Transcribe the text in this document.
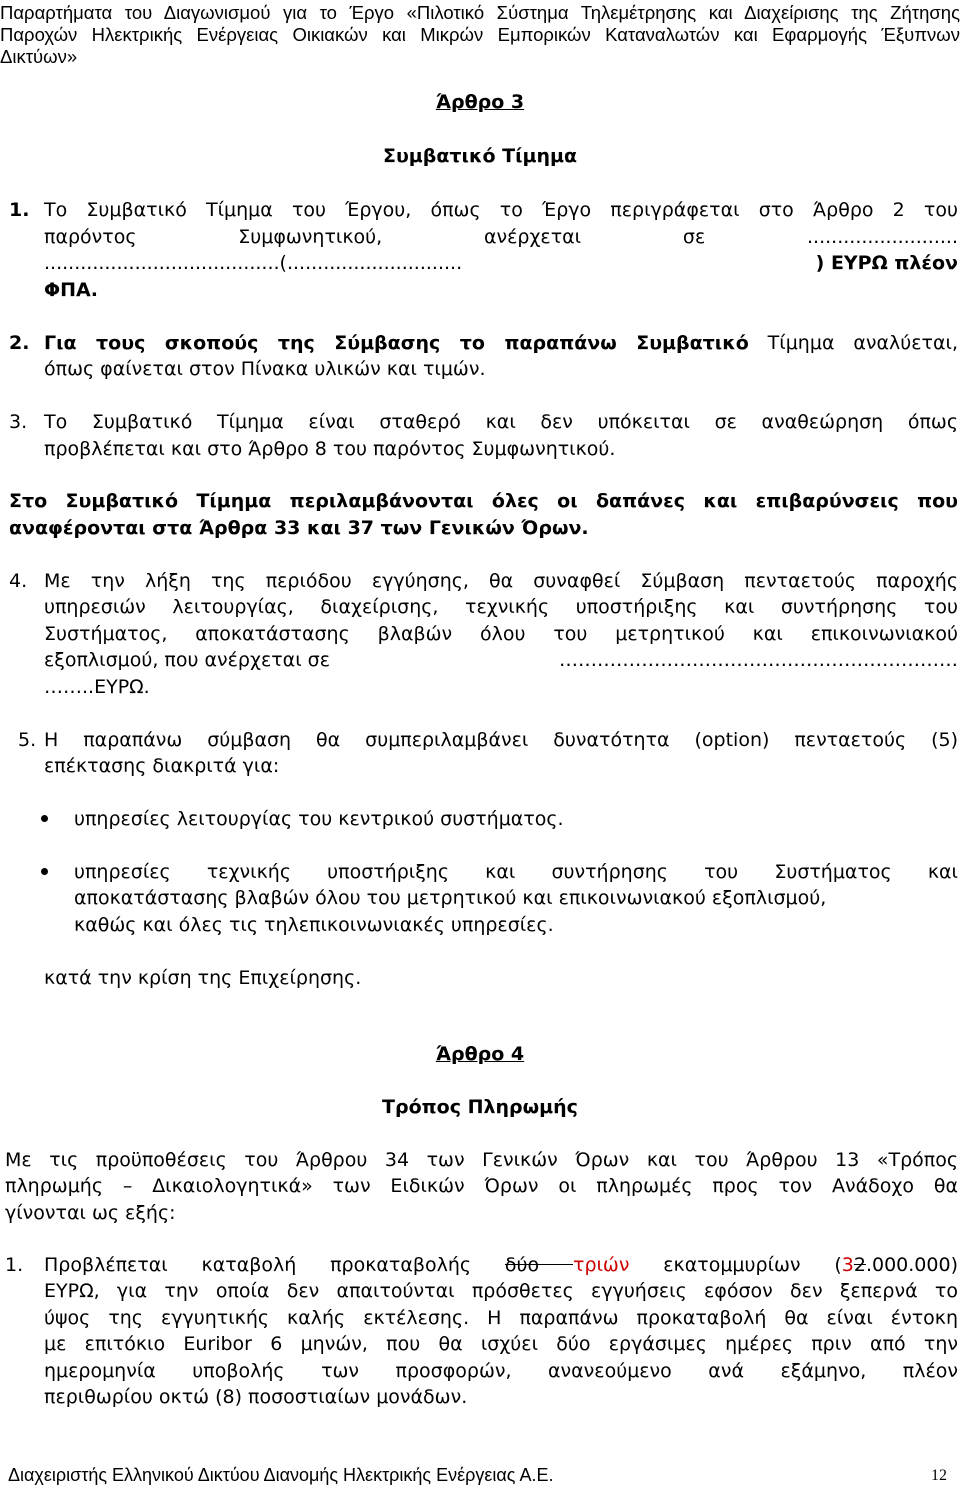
Παραρτήματα του Διαγωνισμού για το Έργο «Πιλοτικό Σύστημα Τηλεμέτρησης και Διαχείρισης της Ζήτησης
Παροχών Ηλεκτρικής Ενέργειας Οικιακών και Μικρών Εμπορικών Καταναλωτών και Εφαρμογής Έξυπνων
Δικτύων»
Άρθρο 3
Συμβατικό Τίμημα
1. Το Συμβατικό Τίμημα του Έργου, όπως το Έργο περιγράφεται στο Άρθρο 2 του
παρόντος Συμφωνητικού, ανέρχεται σε .........................
.......................................(.............................	) ΕΥΡΩ πλέον
ΦΠΑ.
2. Για τους σκοπούς της Σύμβασης το παραπάνω Συμβατικό Τίμημα αναλύεται,
όπως φαίνεται στον Πίνακα υλικών και τιμών.
3. Το Συμβατικό Τίμημα είναι σταθερό και δεν υπόκειται σε αναθεώρηση όπως
προβλέπεται και στο Άρθρο 8 του παρόντος Συμφωνητικού.
Στο Συμβατικό Τίμημα περιλαμβάνονται όλες οι δαπάνες και επιβαρύνσεις που
αναφέρονται στα Άρθρα 33 και 37 των Γενικών Όρων.
4. Με την λήξη της περιόδου εγγύησης, θα συναφθεί Σύμβαση πενταετούς παροχής
υπηρεσιών λειτουργίας, διαχείρισης, τεχνικής υποστήριξης και συντήρησης του
Συστήματος, αποκατάστασης βλαβών όλου του μετρητικού και επικοινωνιακού
εξοπλισμού, που ανέρχεται σε	………………………………………………………
……..ΕΥΡΩ.
5. Η παραπάνω σύμβαση θα συμπεριλαμβάνει δυνατότητα (option) πενταετούς (5)
επέκτασης διακριτά για:
υπηρεσίες λειτουργίας του κεντρικού συστήματος.
υπηρεσίες τεχνικής υποστήριξης και συντήρησης του Συστήματος και
αποκατάστασης βλαβών όλου του μετρητικού και επικοινωνιακού εξοπλισμού,
καθώς και όλες τις τηλεπικοινωνιακές υπηρεσίες.
κατά την κρίση της Επιχείρησης.
Άρθρο 4
Τρόπος Πληρωμής
Με τις προϋποθέσεις του Άρθρου 34 των Γενικών Όρων και του Άρθρου 13 «Τρόπος
πληρωμής – Δικαιολογητικά» των Ειδικών Όρων οι πληρωμές προς τον Ανάδοχο θα
γίνονται ως εξής:
1. Προβλέπεται καταβολή προκαταβολής δύο τριών εκατομμυρίων (32.000.000)
ΕΥΡΩ, για την οποία δεν απαιτούνται πρόσθετες εγγυήσεις εφόσον δεν ξεπερνά το
ύψος της εγγυητικής καλής εκτέλεσης. Η παραπάνω προκαταβολή θα είναι έντοκη
με επιτόκιο Euribor 6 μηνών, που θα ισχύει δύο εργάσιμες ημέρες πριν από την
ημερομηνία υποβολής των προσφορών, ανανεούμενο ανά εξάμηνο, πλέον
περιθωρίου οκτώ (8) ποσοστιαίων μονάδων.
Διαχειριστής Ελληνικού Δικτύου Διανομής Ηλεκτρικής Ενέργειας Α.Ε.	12
